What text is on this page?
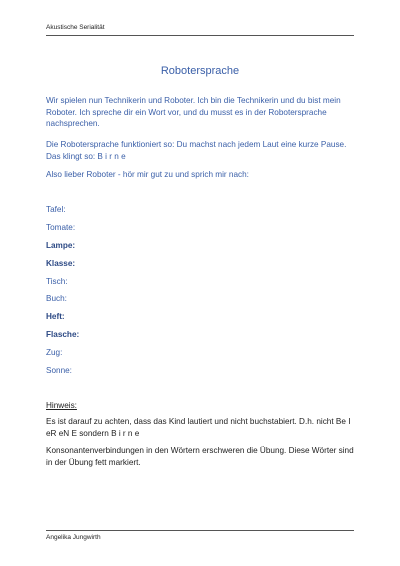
Akustische Serialität
Robotersprache
Wir spielen nun Technikerin und Roboter. Ich bin die Technikerin und du bist mein Roboter. Ich spreche dir ein Wort vor, und du musst es in der Robotersprache nachsprechen.
Die Robotersprache funktioniert so: Du machst nach jedem Laut eine kurze Pause. Das klingt so: B i r n e
Also lieber Roboter - hör mir gut zu und sprich mir nach:
Tafel:
Tomate:
Lampe:
Klasse:
Tisch:
Buch:
Heft:
Flasche:
Zug:
Sonne:
Hinweis:
Es ist darauf zu achten, dass das Kind lautiert und nicht buchstabiert. D.h. nicht Be I eR eN E sondern B i r n e
Konsonantenverbindungen in den Wörtern erschweren die Übung. Diese Wörter sind in der Übung fett markiert.
Angelika Jungwirth
